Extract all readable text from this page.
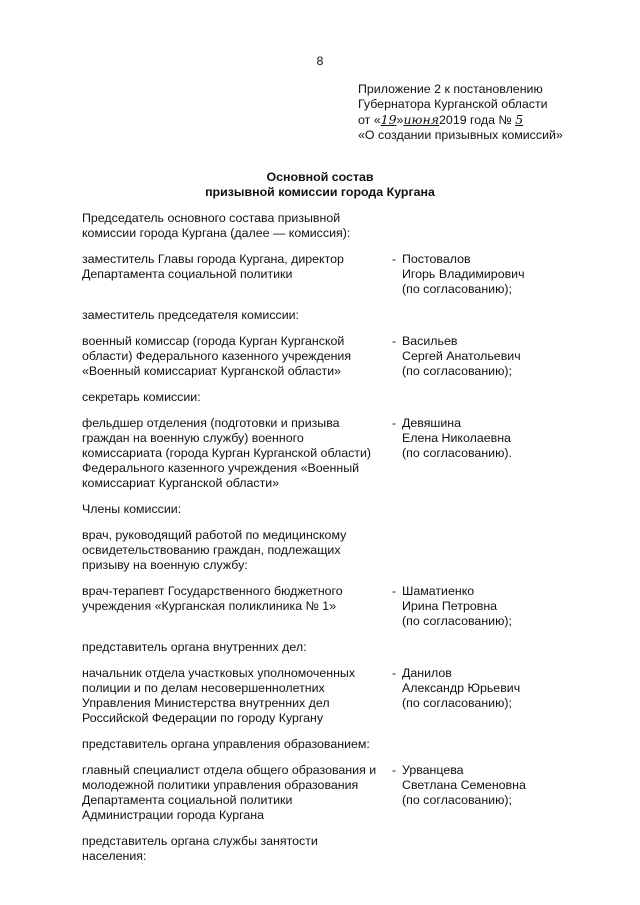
8
Приложение 2 к постановлению
Губернатора Курганской области
от «19»июня2019 года № 5
«О создании призывных комиссий»
Основной состав
призывной комиссии города Кургана
Председатель основного состава призывной
комиссии города Кургана (далее — комиссия):
заместитель Главы города Кургана, директор
Департамента социальной политики
- Постовалов
Игорь Владимирович
(по согласованию);
заместитель председателя комиссии:
военный комиссар (города Курган Курганской
области) Федерального казенного учреждения
«Военный комиссариат Курганской области»
- Васильев
Сергей Анатольевич
(по согласованию);
секретарь комиссии:
фельдшер отделения (подготовки и призыва
граждан на военную службу) военного
комиссариата (города Курган Курганской области)
Федерального казенного учреждения «Военный
комиссариат Курганской области»
- Девяшина
Елена Николаевна
(по согласованию).
Члены комиссии:
врач, руководящий работой по медицинскому
освидетельствованию граждан, подлежащих
призыву на военную службу:
врач-терапевт Государственного бюджетного
учреждения «Курганская поликлиника № 1»
- Шаматиенко
Ирина Петровна
(по согласованию);
представитель органа внутренних дел:
начальник отдела участковых уполномоченных
полиции и по делам несовершеннолетних
Управления Министерства внутренних дел
Российской Федерации по городу Кургану
- Данилов
Александр Юрьевич
(по согласованию);
представитель органа управления образованием:
главный специалист отдела общего образования и
молодежной политики управления образования
Департамента социальной политики
Администрации города Кургана
- Урванцева
Светлана Семеновна
(по согласованию);
представитель органа службы занятости
населения:
